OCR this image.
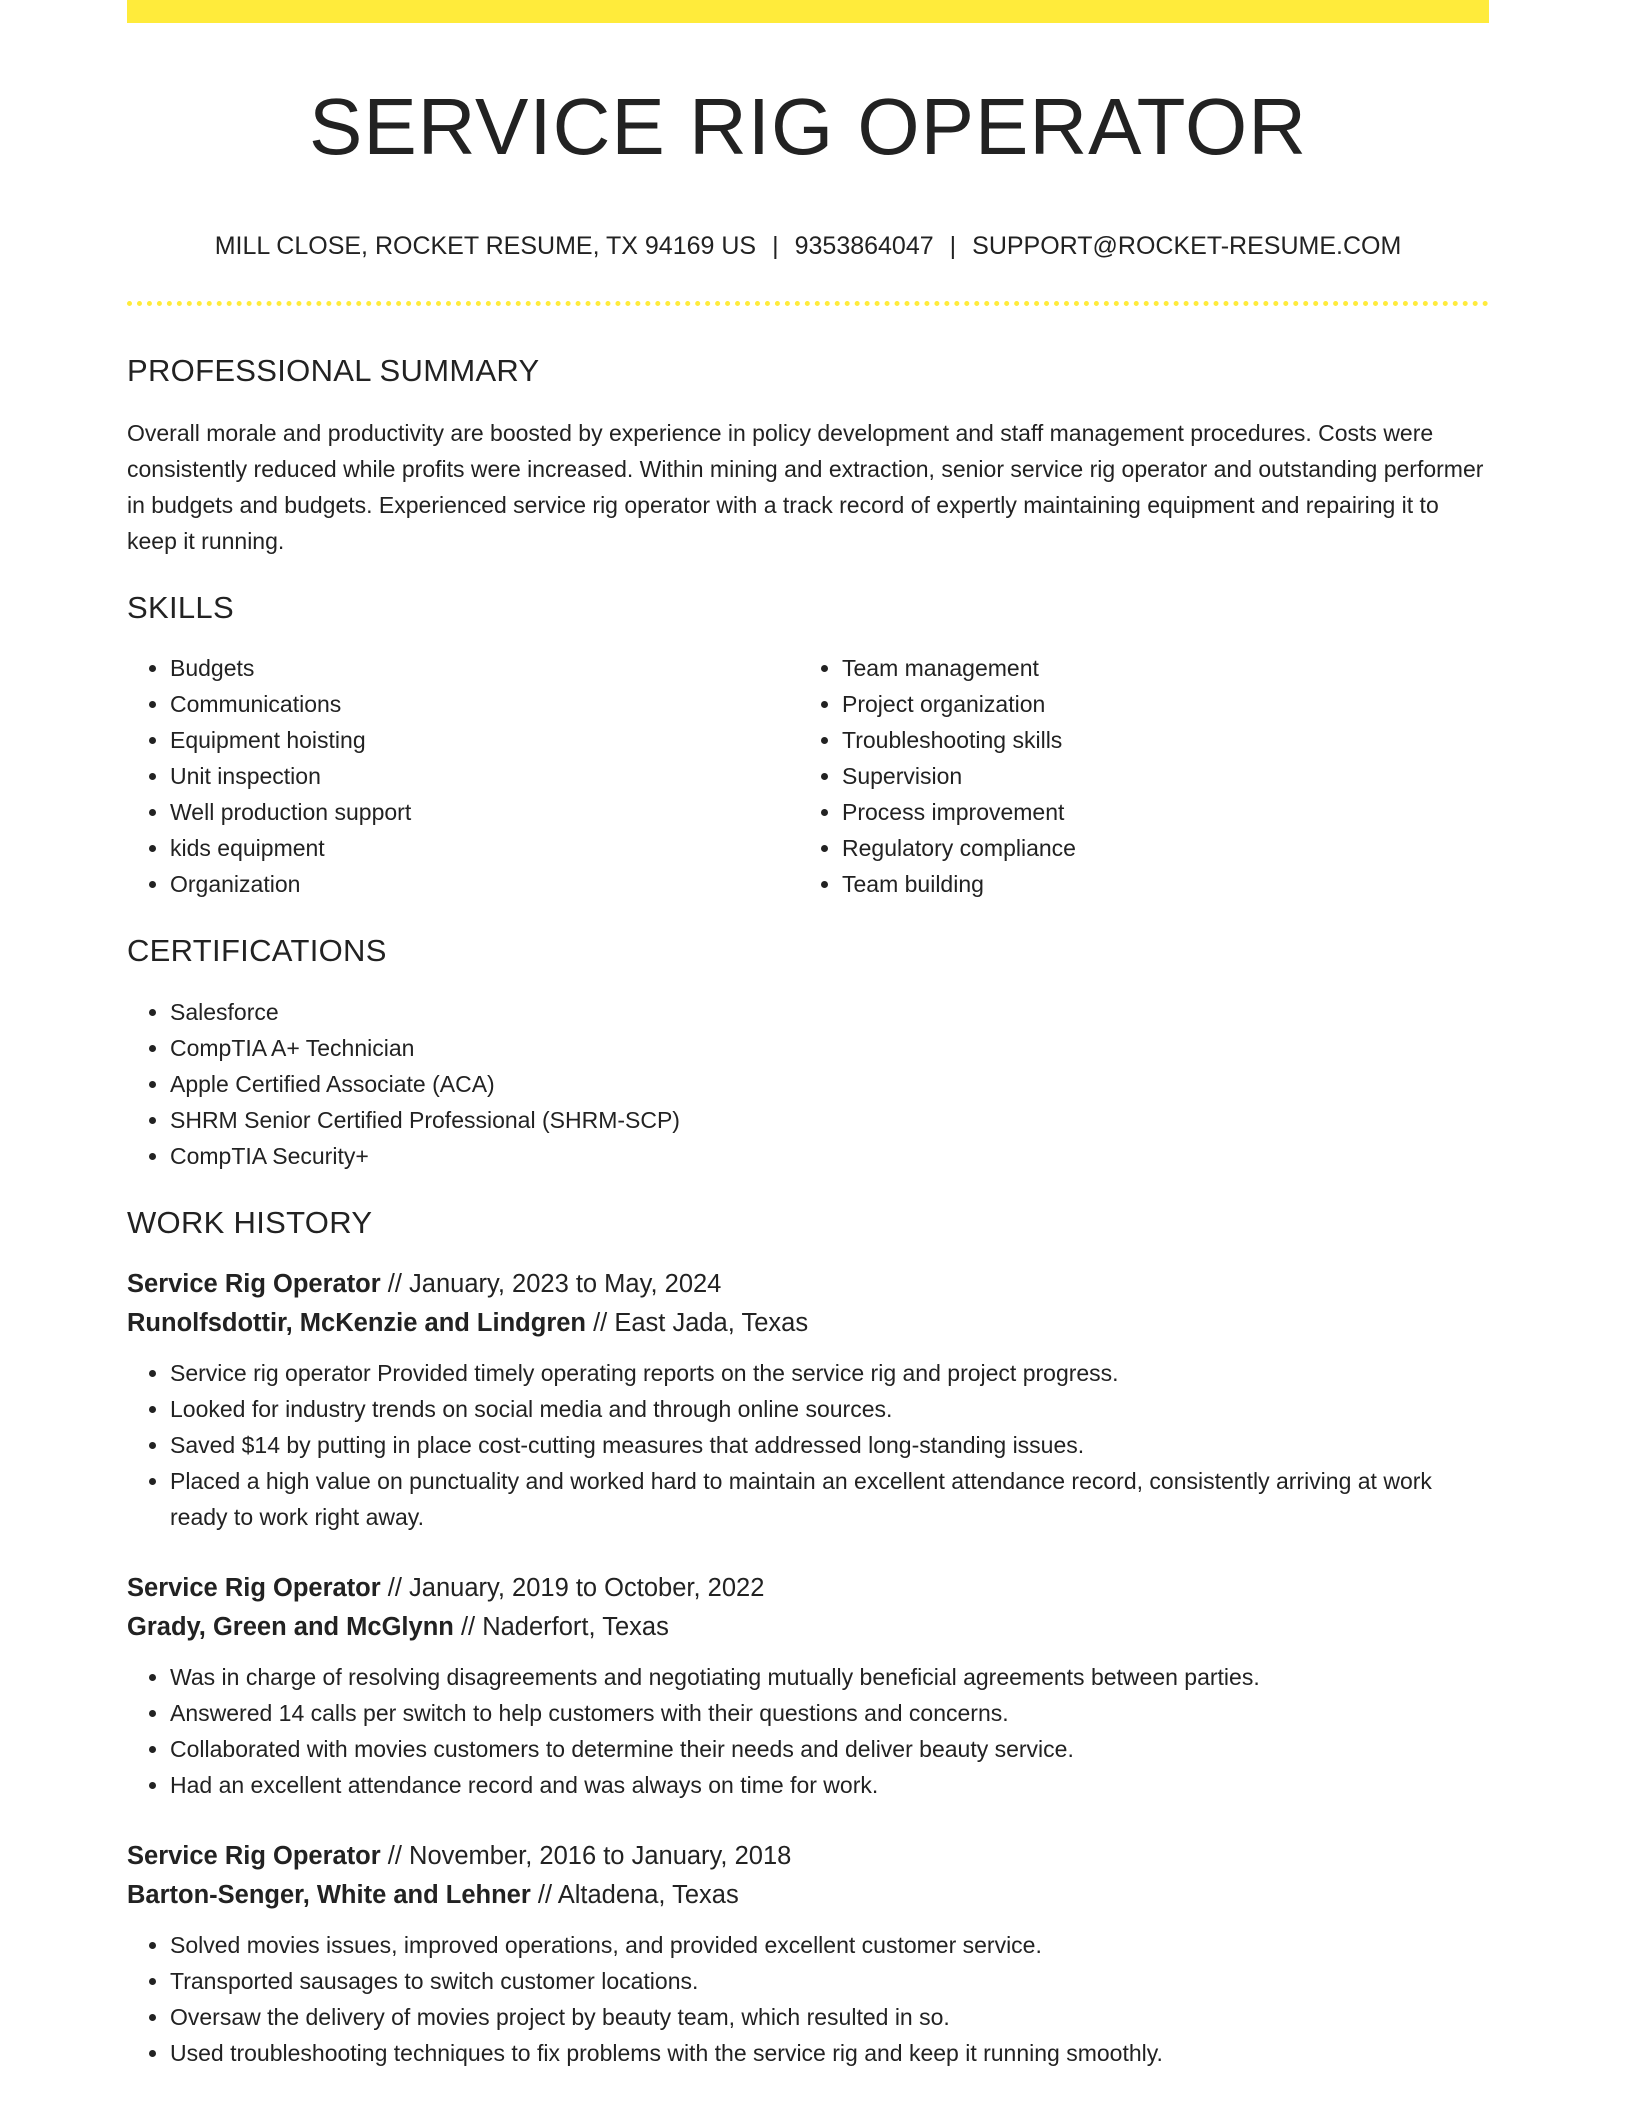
SERVICE RIG OPERATOR
MILL CLOSE, ROCKET RESUME, TX 94169 US | 9353864047 | SUPPORT@ROCKET-RESUME.COM
PROFESSIONAL SUMMARY
Overall morale and productivity are boosted by experience in policy development and staff management procedures. Costs were consistently reduced while profits were increased. Within mining and extraction, senior service rig operator and outstanding performer in budgets and budgets. Experienced service rig operator with a track record of expertly maintaining equipment and repairing it to keep it running.
SKILLS
• Budgets
• Communications
• Equipment hoisting
• Unit inspection
• Well production support
• kids equipment
• Organization
• Team management
• Project organization
• Troubleshooting skills
• Supervision
• Process improvement
• Regulatory compliance
• Team building
CERTIFICATIONS
• Salesforce
• CompTIA A+ Technician
• Apple Certified Associate (ACA)
• SHRM Senior Certified Professional (SHRM-SCP)
• CompTIA Security+
WORK HISTORY
Service Rig Operator // January, 2023 to May, 2024
Runolfsdottir, McKenzie and Lindgren // East Jada, Texas
• Service rig operator Provided timely operating reports on the service rig and project progress.
• Looked for industry trends on social media and through online sources.
• Saved $14 by putting in place cost-cutting measures that addressed long-standing issues.
• Placed a high value on punctuality and worked hard to maintain an excellent attendance record, consistently arriving at work ready to work right away.
Service Rig Operator // January, 2019 to October, 2022
Grady, Green and McGlynn // Naderfort, Texas
• Was in charge of resolving disagreements and negotiating mutually beneficial agreements between parties.
• Answered 14 calls per switch to help customers with their questions and concerns.
• Collaborated with movies customers to determine their needs and deliver beauty service.
• Had an excellent attendance record and was always on time for work.
Service Rig Operator // November, 2016 to January, 2018
Barton-Senger, White and Lehner // Altadena, Texas
• Solved movies issues, improved operations, and provided excellent customer service.
• Transported sausages to switch customer locations.
• Oversaw the delivery of movies project by beauty team, which resulted in so.
• Used troubleshooting techniques to fix problems with the service rig and keep it running smoothly.
